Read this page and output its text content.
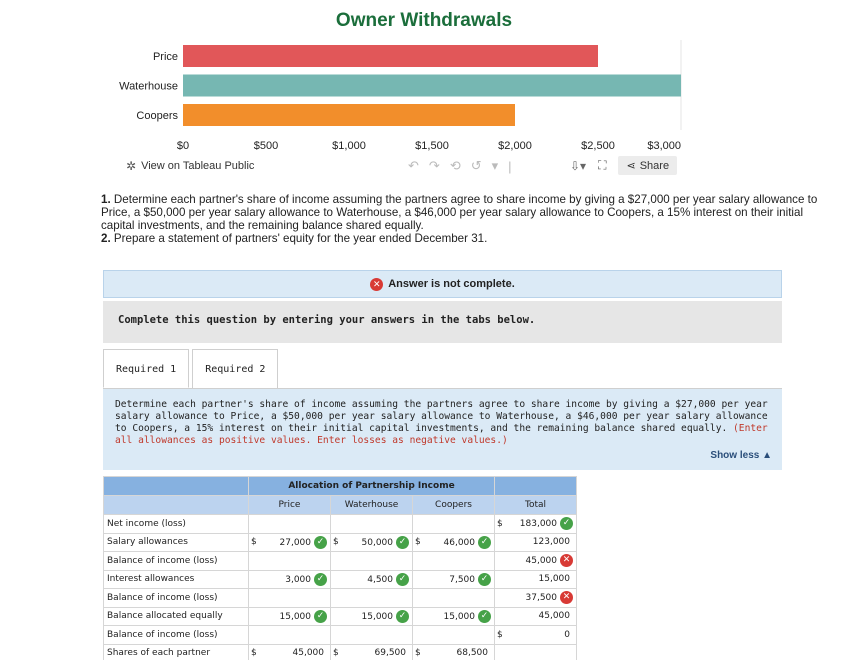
Owner Withdrawals
Price
Waterhouse
Coopers
$0	$500	$1,000	$1,500	$2,000	$2,500	$3,000
✲ View on Tableau Public	↶ ↷ ⟲ ↺ ▾ |	⇩▾ ⛶ ⋖ Share

1. Determine each partner's share of income assuming the partners agree to share income by giving a $27,000 per year salary allowance to Price, a $50,000 per year salary allowance to Waterhouse, a $46,000 per year salary allowance to Coopers, a 15% interest on their initial capital investments, and the remaining balance shared equally.

2. Prepare a statement of partners' equity for the year ended December 31.

✕ Answer is not complete.
Complete this question by entering your answers in the tabs below.
Required 1	Required 2
Determine each partner's share of income assuming the partners agree to share income by giving a $27,000 per year salary allowance to Price, a $50,000 per year salary allowance to Waterhouse, a $46,000 per year salary allowance to Coopers, a 15% interest on their initial capital investments, and the remaining balance shared equally. (Enter all allowances as positive values. Enter losses as negative values.)
Show less ▲
	Allocation of Partnership Income							
	Price		Waterhouse		Coopers		Total	
Net income (loss)							$	183,000 ✓
Salary allowances	$	27,000 ✓	$	50,000 ✓	$	46,000 ✓		123,000
Balance of income (loss)								45,000 ✕
Interest allowances		3,000 ✓		4,500 ✓		7,500 ✓		15,000
Balance of income (loss)								37,500 ✕
Balance allocated equally		15,000 ✓		15,000 ✓		15,000 ✓		45,000
Balance of income (loss)							$	0
Shares of each partner	$	45,000	$	69,500	$	68,500		
